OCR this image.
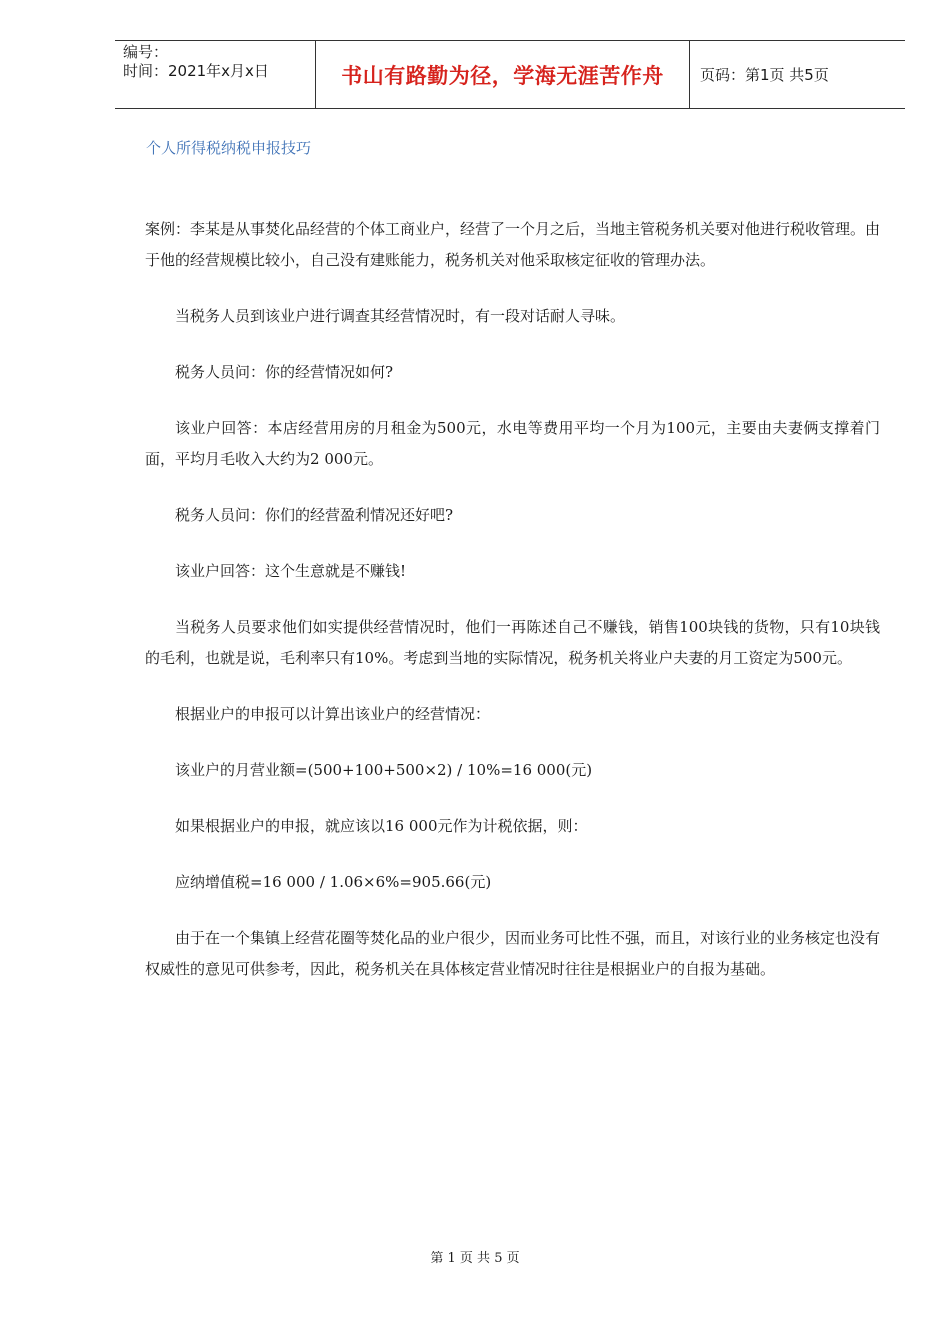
编号：
时间：2021年x月x日	书山有路勤为径，学海无涯苦作舟	页码：第1页 共5页
个人所得税纳税申报技巧

案例：李某是从事焚化品经营的个体工商业户，经营了一个月之后，当地主管税务机关要对他进行税收管理。由于他的经营规模比较小，自己没有建账能力，税务机关对他采取核定征收的管理办法。

当税务人员到该业户进行调查其经营情况时，有一段对话耐人寻味。

税务人员问：你的经营情况如何?

该业户回答：本店经营用房的月租金为500元，水电等费用平均一个月为100元，主要由夫妻俩支撑着门面，平均月毛收入大约为2 000元。

税务人员问：你们的经营盈利情况还好吧?

该业户回答：这个生意就是不赚钱!

当税务人员要求他们如实提供经营情况时，他们一再陈述自己不赚钱，销售100块钱的货物，只有10块钱的毛利，也就是说，毛利率只有10%。考虑到当地的实际情况，税务机关将业户夫妻的月工资定为500元。

根据业户的申报可以计算出该业户的经营情况：

该业户的月营业额=(500+100+500×2) / 10%=16 000(元)

如果根据业户的申报，就应该以16 000元作为计税依据，则：

应纳增值税=16 000 / 1.06×6%=905.66(元)

由于在一个集镇上经营花圈等焚化品的业户很少，因而业务可比性不强，而且，对该行业的业务核定也没有权威性的意见可供参考，因此，税务机关在具体核定营业情况时往往是根据业户的自报为基础。

第 1 页 共 5 页
